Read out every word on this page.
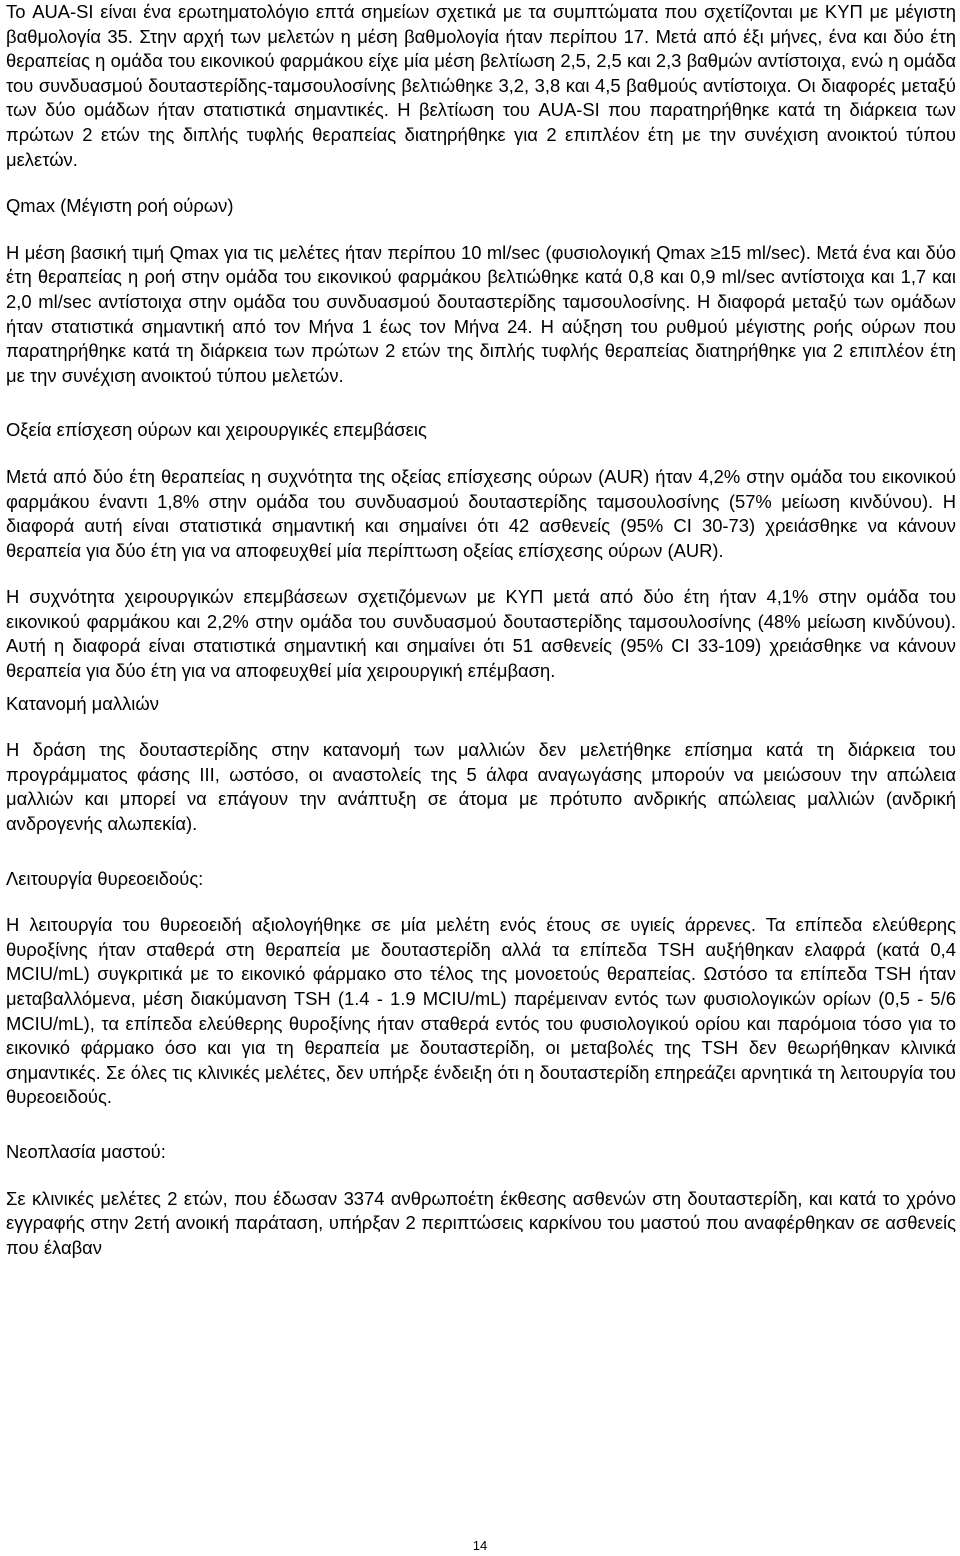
Το AUA-SI είναι ένα ερωτηματολόγιο επτά σημείων σχετικά με τα συμπτώματα που σχετίζονται με ΚΥΠ με μέγιστη βαθμολογία 35. Στην αρχή των μελετών η μέση βαθμολογία ήταν περίπου 17. Μετά από έξι μήνες, ένα και δύο έτη θεραπείας η ομάδα του εικονικού φαρμάκου είχε μία μέση βελτίωση 2,5, 2,5 και 2,3 βαθμών αντίστοιχα, ενώ η ομάδα του συνδυασμού δουταστερίδης-ταμσουλοσίνης βελτιώθηκε 3,2, 3,8 και 4,5 βαθμούς αντίστοιχα. Οι διαφορές μεταξύ των δύο ομάδων ήταν στατιστικά σημαντικές. Η βελτίωση του AUA-SI που παρατηρήθηκε κατά τη διάρκεια των πρώτων 2 ετών της διπλής τυφλής θεραπείας διατηρήθηκε για 2 επιπλέον έτη με την συνέχιση ανοικτού τύπου μελετών.

Qmax (Μέγιστη ροή ούρων)

Η μέση βασική τιμή Qmax για τις μελέτες ήταν περίπου 10 ml/sec (φυσιολογική Qmax ≥15 ml/sec). Μετά ένα και δύο έτη θεραπείας η ροή στην ομάδα του εικονικού φαρμάκου βελτιώθηκε κατά 0,8 και 0,9 ml/sec αντίστοιχα και 1,7 και 2,0 ml/sec αντίστοιχα στην ομάδα του συνδυασμού δουταστερίδης ταμσουλοσίνης. Η διαφορά μεταξύ των ομάδων ήταν στατιστικά σημαντική από τον Μήνα 1 έως τον Μήνα 24. Η αύξηση του ρυθμού μέγιστης ροής ούρων που παρατηρήθηκε κατά τη διάρκεια των πρώτων 2 ετών της διπλής τυφλής θεραπείας διατηρήθηκε για 2 επιπλέον έτη με την συνέχιση ανοικτού τύπου μελετών.

Οξεία επίσχεση ούρων και χειρουργικές επεμβάσεις

Μετά από δύο έτη θεραπείας η συχνότητα της οξείας επίσχεσης ούρων (AUR) ήταν 4,2% στην ομάδα του εικονικού φαρμάκου έναντι 1,8% στην ομάδα του συνδυασμού δουταστερίδης ταμσουλοσίνης (57% μείωση κινδύνου). Η διαφορά αυτή είναι στατιστικά σημαντική και σημαίνει ότι 42 ασθενείς (95% CI 30-73) χρειάσθηκε να κάνουν θεραπεία για δύο έτη για να αποφευχθεί μία περίπτωση οξείας επίσχεσης ούρων (AUR).

Η συχνότητα χειρουργικών επεμβάσεων σχετιζόμενων με ΚΥΠ μετά από δύο έτη ήταν 4,1% στην ομάδα του εικονικού φαρμάκου και 2,2% στην ομάδα του συνδυασμού δουταστερίδης ταμσουλοσίνης (48% μείωση κινδύνου). Αυτή η διαφορά είναι στατιστικά σημαντική και σημαίνει ότι 51 ασθενείς (95% CI 33-109) χρειάσθηκε να κάνουν θεραπεία για δύο έτη για να αποφευχθεί μία χειρουργική επέμβαση.

Κατανομή μαλλιών

Η δράση της δουταστερίδης στην κατανομή των μαλλιών δεν μελετήθηκε επίσημα κατά τη διάρκεια του προγράμματος φάσης III, ωστόσο, οι αναστολείς της 5 άλφα αναγωγάσης μπορούν να μειώσουν την απώλεια μαλλιών και μπορεί να επάγουν την ανάπτυξη σε άτομα με πρότυπο ανδρικής απώλειας μαλλιών (ανδρική ανδρογενής αλωπεκία).

Λειτουργία θυρεοειδούς:

Η λειτουργία του θυρεοειδή αξιολογήθηκε σε μία μελέτη ενός έτους σε υγιείς άρρενες. Τα επίπεδα ελεύθερης θυροξίνης ήταν σταθερά στη θεραπεία με δουταστερίδη αλλά τα επίπεδα TSH αυξήθηκαν ελαφρά (κατά 0,4 MCIU/mL) συγκριτικά με το εικονικό φάρμακο στο τέλος της μονοετούς θεραπείας. Ωστόσο τα επίπεδα TSH ήταν μεταβαλλόμενα, μέση διακύμανση TSH (1.4 - 1.9 MCIU/mL) παρέμειναν εντός των φυσιολογικών ορίων (0,5 - 5/6 MCIU/mL), τα επίπεδα ελεύθερης θυροξίνης ήταν σταθερά εντός του φυσιολογικού ορίου και παρόμοια τόσο για το εικονικό φάρμακο όσο και για τη θεραπεία με δουταστερίδη, οι μεταβολές της TSH δεν θεωρήθηκαν κλινικά σημαντικές. Σε όλες τις κλινικές μελέτες, δεν υπήρξε ένδειξη ότι η δουταστερίδη επηρεάζει αρνητικά τη λειτουργία του θυρεοειδούς.

Νεοπλασία μαστού:

Σε κλινικές μελέτες 2 ετών, που έδωσαν 3374 ανθρωποέτη έκθεσης ασθενών στη δουταστερίδη, και κατά το χρόνο εγγραφής στην 2ετή ανοική παράταση, υπήρξαν 2 περιπτώσεις καρκίνου του μαστού που αναφέρθηκαν σε ασθενείς που έλαβαν

14
